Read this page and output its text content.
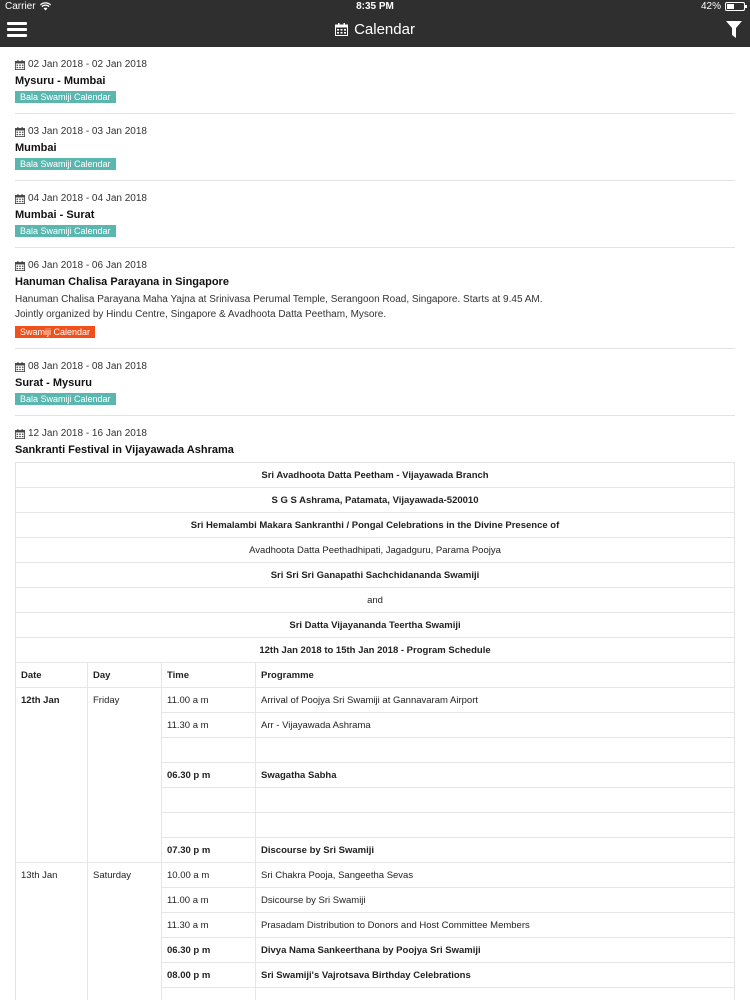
Carrier	8:35 PM	42%
Calendar
02 Jan 2018 - 02 Jan 2018
Mysuru - Mumbai
Bala Swamiji Calendar
03 Jan 2018 - 03 Jan 2018
Mumbai
Bala Swamiji Calendar
04 Jan 2018 - 04 Jan 2018
Mumbai - Surat
Bala Swamiji Calendar
06 Jan 2018 - 06 Jan 2018
Hanuman Chalisa Parayana in Singapore
Hanuman Chalisa Parayana Maha Yajna at Srinivasa Perumal Temple, Serangoon Road, Singapore. Starts at 9.45 AM.
Jointly organized by Hindu Centre, Singapore & Avadhoota Datta Peetham, Mysore.
Swamiji Calendar
08 Jan 2018 - 08 Jan 2018
Surat - Mysuru
Bala Swamiji Calendar
12 Jan 2018 - 16 Jan 2018
Sankranti Festival in Vijayawada Ashrama
Sri Avadhoota Datta Peetham - Vijayawada Branch			
S G S Ashrama, Patamata, Vijayawada-520010			
Sri Hemalambi Makara Sankranthi / Pongal Celebrations in the Divine Presence of			
Avadhoota Datta Peethadhipati, Jagadguru, Parama Poojya			
Sri Sri Sri Ganapathi Sachchidananda Swamiji			
and			
Sri Datta Vijayananda Teertha Swamiji			
12th Jan 2018 to 15th Jan 2018 - Program Schedule			
Date	Day	Time	Programme
12th Jan	Friday	11.00 a m	Arrival of Poojya Sri Swamiji at Gannavaram Airport
		11.30 a m	Arr - Vijayawada Ashrama

		06.30 p m	Swagatha Sabha

		07.30 p m	Discourse by Sri Swamiji
13th Jan	Saturday	10.00 a m	Sri Chakra Pooja, Sangeetha Sevas
		11.00 a m	Dsicourse by Sri Swamiji
		11.30 a m	Prasadam Distribution to Donors and Host Committee Members
		06.30 p m	Divya Nama Sankeerthana by Poojya Sri Swamiji
		08.00 p m	Sri Swamiji's Vajrotsava Birthday Celebrations
